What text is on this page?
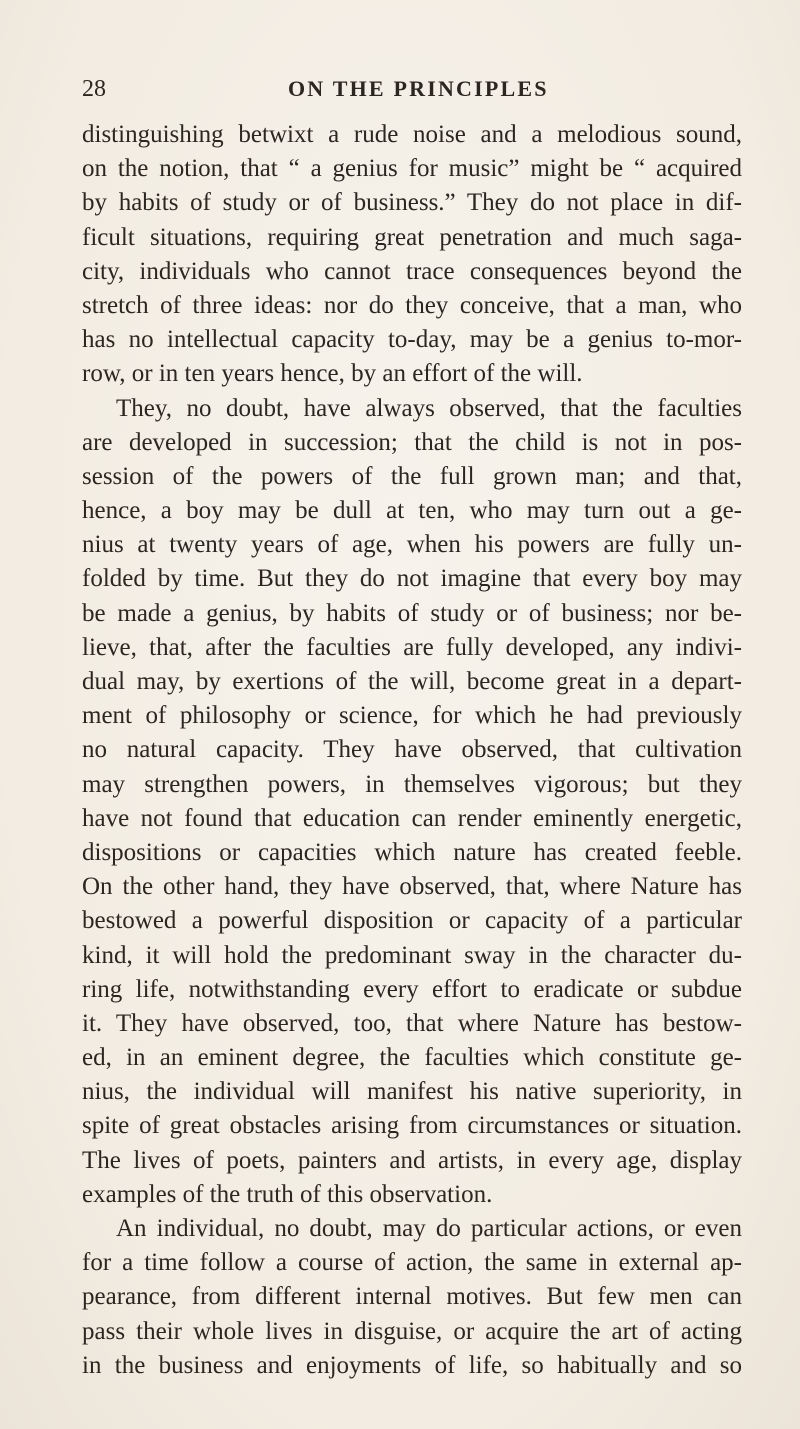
28	ON THE PRINCIPLES
distinguishing betwixt a rude noise and a melodious sound,
on the notion, that “ a genius for music” might be “ acquired
by habits of study or of business.” They do not place in dif-
ficult situations, requiring great penetration and much saga-
city, individuals who cannot trace consequences beyond the
stretch of three ideas: nor do they conceive, that a man, who
has no intellectual capacity to-day, may be a genius to-mor-
row, or in ten years hence, by an effort of the will.
They, no doubt, have always observed, that the faculties
are developed in succession; that the child is not in pos-
session of the powers of the full grown man; and that,
hence, a boy may be dull at ten, who may turn out a ge-
nius at twenty years of age, when his powers are fully un-
folded by time. But they do not imagine that every boy may
be made a genius, by habits of study or of business; nor be-
lieve, that, after the faculties are fully developed, any indivi-
dual may, by exertions of the will, become great in a depart-
ment of philosophy or science, for which he had previously
no natural capacity. They have observed, that cultivation
may strengthen powers, in themselves vigorous; but they
have not found that education can render eminently energetic,
dispositions or capacities which nature has created feeble.
On the other hand, they have observed, that, where Nature has
bestowed a powerful disposition or capacity of a particular
kind, it will hold the predominant sway in the character du-
ring life, notwithstanding every effort to eradicate or subdue
it. They have observed, too, that where Nature has bestow-
ed, in an eminent degree, the faculties which constitute ge-
nius, the individual will manifest his native superiority, in
spite of great obstacles arising from circumstances or situation.
The lives of poets, painters and artists, in every age, display
examples of the truth of this observation.
An individual, no doubt, may do particular actions, or even
for a time follow a course of action, the same in external ap-
pearance, from different internal motives. But few men can
pass their whole lives in disguise, or acquire the art of acting
in the business and enjoyments of life, so habitually and so
